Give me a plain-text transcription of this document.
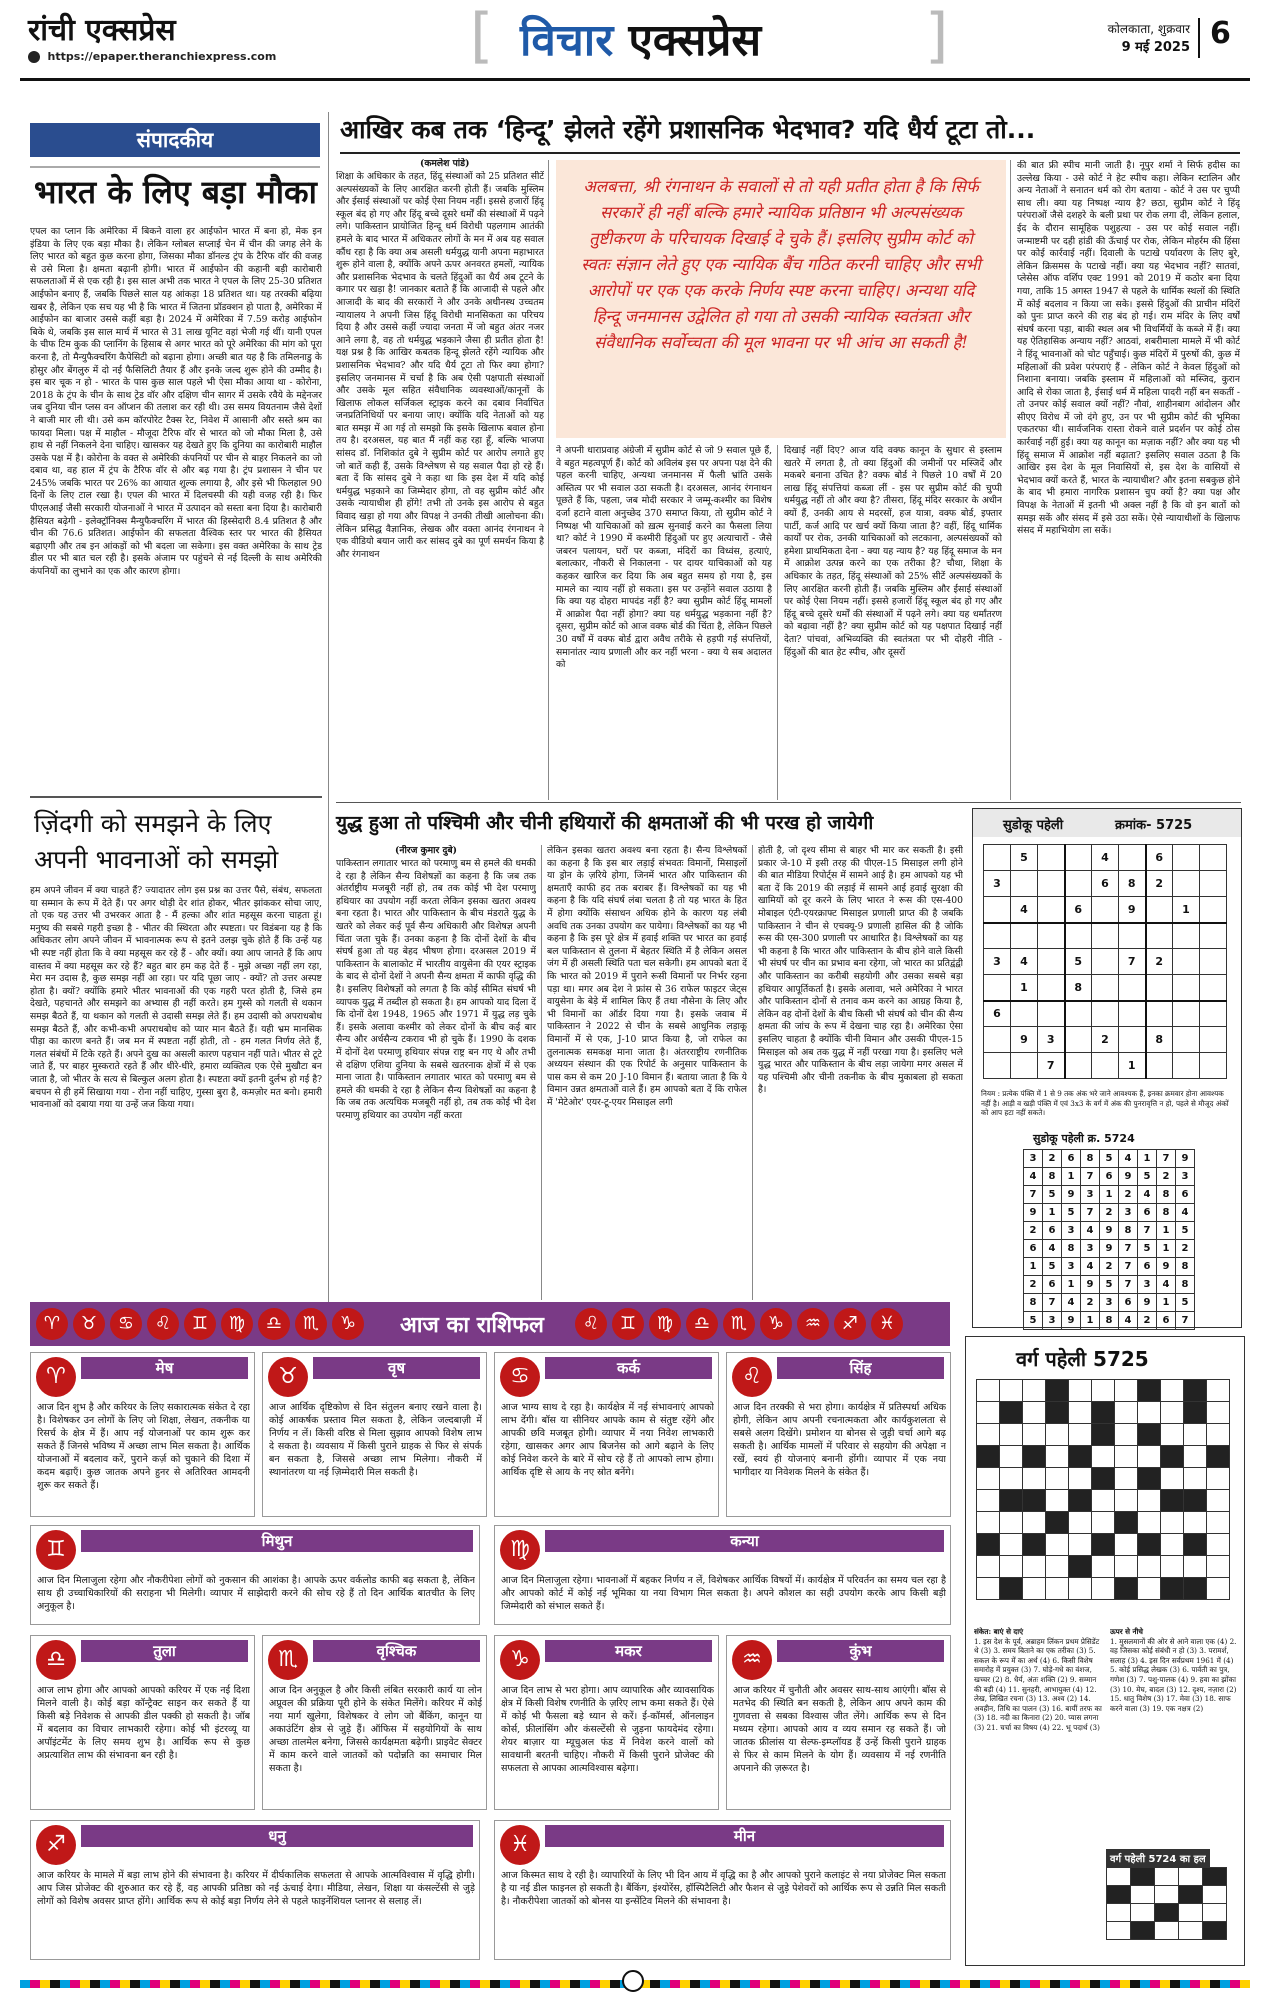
रांची एक्सप्रेस
https://epaper.theranchiexpress.com	[ विचार एक्सप्रेस	]	कोलकाता, शुक्रवार
9 मई 2025 6
संपादकीय
भारत के लिए बड़ा मौका
एपल का प्लान कि अमेरिका में बिकने वाला हर आईफोन भारत में बना हो, मेक इन इंडिया के लिए एक बड़ा मौका है। लेकिन ग्लोबल सप्लाई चेन में चीन की जगह लेने के लिए भारत को बहुत कुछ करना होगा, जिसका मौका डॉनल्ड ट्रंप के टैरिफ वॉर की वजह से उसे मिला है। क्षमता बढ़ानी होगी। भारत में आईफोन की कहानी बड़ी कारोबारी सफलताओं में से एक रही है। इस साल अभी तक भारत ने एपल के लिए 25-30 प्रतिशत आईफोन बनाए हैं, जबकि पिछले साल यह आंकड़ा 18 प्रतिशत था। यह तरक्की बढ़िया खबर है, लेकिन एक सच यह भी है कि भारत में जितना प्रॉडक्शन हो पाता है, अमेरिका में आईफोन का बाजार उससे कहीं बड़ा है। 2024 में अमेरिका में 7.59 करोड़ आईफोन बिके थे, जबकि इस साल मार्च में भारत से 31 लाख यूनिट वहां भेजी गई थीं। यानी एपल के चीफ टिम कुक की प्लानिंग के हिसाब से अगर भारत को पूरे अमेरिका की मांग को पूरा करना है, तो मैन्युफैक्चरिंग कैपेसिटी को बढ़ाना होगा। अच्छी बात यह है कि तमिलनाडु के होसुर और बेंगलुरु में दो नई फैसिलिटी तैयार हैं और इनके जल्द शुरू होने की उम्मीद है। इस बार चूक न हो - भारत के पास कुछ साल पहले भी ऐसा मौका आया था - कोरोना, 2018 के ट्रंप के चीन के साथ ट्रेड वॉर और दक्षिण चीन सागर में उसके रवैये के मद्देनजर जब दुनिया चीन प्लस वन ऑप्शन की तलाश कर रही थी। उस समय वियतनाम जैसे देशों ने बाजी मार ली थी। उसे कम कॉरपोरेट टैक्स रेट, निवेश में आसानी और सस्ते श्रम का फायदा मिला। पक्ष में माहौल - मौजूदा टैरिफ वॉर से भारत को जो मौका मिला है, उसे हाथ से नहीं निकलने देना चाहिए। खासकर यह देखते हुए कि दुनिया का कारोबारी माहौल उसके पक्ष में है। कोरोना के वक्त से अमेरिकी कंपनियों पर चीन से बाहर निकलने का जो दबाव था, वह हाल में ट्रंप के टैरिफ वॉर से और बढ़ गया है। ट्रंप प्रशासन ने चीन पर 245% जबकि भारत पर 26% का आयात शुल्क लगाया है, और इसे भी फिलहाल 90 दिनों के लिए टाल रखा है। एपल की भारत में दिलचस्पी की यही वजह रही है। फिर पीएलआई जैसी सरकारी योजनाओं ने भारत में उत्पादन को सस्ता बना दिया है। कारोबारी हैसियत बढ़ेगी - इलेक्ट्रॉनिक्स मैन्युफैक्चरिंग में भारत की हिस्सेदारी 8.4 प्रतिशत है और चीन की 76.6 प्रतिशत। आईफोन की सफलता वैश्विक स्तर पर भारत की हैसियत बढ़ाएगी और तब इन आंकड़ों को भी बदला जा सकेगा। इस वक्त अमेरिका के साथ ट्रेड डील पर भी बात चल रही है। इसके अंजाम पर पहुंचने से नई दिल्ली के साथ अमेरिकी कंपनियों का लुभाने का एक और कारण होगा।
ज़िंदगी को समझने के लिए अपनी भावनाओं को समझो
हम अपने जीवन में क्या चाहते हैं? ज्यादातर लोग इस प्रश्न का उत्तर पैसे, संबंध, सफलता या सम्मान के रूप में देते हैं। पर अगर थोड़ी देर शांत होकर, भीतर झांककर सोचा जाए, तो एक यह उत्तर भी उभरकर आता है - मैं हल्का और शांत महसूस करना चाहता हूं। मनुष्य की सबसे गहरी इच्छा है - भीतर की स्थिरता और स्पष्टता। पर विडंबना यह है कि अधिकतर लोग अपने जीवन में भावनात्मक रूप से इतने उलझ चुके होते हैं कि उन्हें यह भी स्पष्ट नहीं होता कि वे क्या महसूस कर रहे हैं - और क्यों। क्या आप जानते हैं कि आप वास्तव में क्या महसूस कर रहे हैं? बहुत बार हम कह देते हैं - मुझे अच्छा नहीं लग रहा, मेरा मन उदास है, कुछ समझ नहीं आ रहा। पर यदि पूछा जाए - क्यों? तो उत्तर अस्पष्ट होता है। क्यों? क्योंकि हमारे भीतर भावनाओं की एक गहरी परत होती है, जिसे हम देखते, पहचानते और समझने का अभ्यास ही नहीं करते। हम गुस्से को गलती से थकान समझ बैठते हैं, या थकान को गलती से उदासी समझ लेते हैं। हम उदासी को अपराधबोध समझ बैठते हैं, और कभी-कभी अपराधबोध को प्यार मान बैठते हैं। यही भ्रम मानसिक पीड़ा का कारण बनते हैं। जब मन में स्पष्टता नहीं होती, तो - हम गलत निर्णय लेते हैं, गलत संबंधों में टिके रहते हैं। अपने दुख का असली कारण पहचान नहीं पाते। भीतर से टूटे जाते हैं, पर बाहर मुस्कराते रहते हैं और धीरे-धीरे, हमारा व्यक्तित्व एक ऐसे मुखौटा बन जाता है, जो भीतर के सत्य से बिल्कुल अलग होता है। स्पष्टता क्यों इतनी दुर्लभ हो गई है? बचपन से ही हमें सिखाया गया - रोना नहीं चाहिए, गुस्सा बुरा है, कमज़ोर मत बनो। हमारी भावनाओं को दबाया गया या उन्हें जज किया गया।
आखिर कब तक ‘हिन्दू’ झेलते रहेंगे प्रशासनिक भेदभाव? यदि धैर्य टूटा तो...
(कमलेश पांडे)
शिक्षा के अधिकार के तहत, हिंदू संस्थाओं को 25 प्रतिशत सीटें अल्पसंख्यकों के लिए आरक्षित करनी होती हैं। जबकि मुस्लिम और ईसाई संस्थाओं पर कोई ऐसा नियम नहीं। इससे हजारों हिंदू स्कूल बंद हो गए और हिंदू बच्चे दूसरे धर्मों की संस्थाओं में पढ़ने लगे। पाकिस्तान प्रायोजित हिन्दू धर्म विरोधी पहलगाम आतंकी हमले के बाद भारत में अधिकतर लोगों के मन में अब यह सवाल कौंध रहा है कि क्या अब असली धर्मयुद्ध यानी अपना महाभारत शुरू होने वाला है, क्योंकि अपने ऊपर अनवरत हमलों, न्यायिक और प्रशासनिक भेदभाव के चलते हिंदुओं का धैर्य अब टूटने के कगार पर खड़ा है! जानकार बताते हैं कि आजादी से पहले और आजादी के बाद की सरकारों ने और उनके अधीनस्थ उच्चतम न्यायालय ने अपनी जिस हिंदू विरोधी मानसिकता का परिचय दिया है और उससे कहीं ज्यादा जनता में जो बहुत अंतर नजर आने लगा है, वह तो धर्मयुद्ध भड़काने जैसा ही प्रतीत होता है! यक्ष प्रश्न है कि आखिर कबतक हिन्दू झेलते रहेंगे न्यायिक और प्रशासनिक भेदभाव? और यदि धैर्य टूटा तो फिर क्या होगा? इसलिए जनमानस में चर्चा है कि अब ऐसी पक्षपाती संस्थाओं और उसके मूल सहित संवैधानिक व्यवस्थाओं/कानूनों के खिलाफ लोकल सर्जिकल स्ट्राइक करने का दबाव निर्वाचित जनप्रतिनिधियों पर बनाया जाए। क्योंकि यदि नेताओं को यह बात समझ में आ गई तो समझो कि इसके खिलाफ बवाल होना तय है। दरअसल, यह बात मैं नहीं कह रहा हूँ, बल्कि भाजपा सांसद डॉ. निशिकांत दुबे ने सुप्रीम कोर्ट पर आरोप लगाते हुए जो बातें कही हैं, उसके विश्लेषण से यह सवाल पैदा हो रहे हैं। बता दें कि सांसद दुबे ने कहा था कि इस देश में यदि कोई धर्मयुद्ध भड़काने का जिम्मेदार होगा, तो वह सुप्रीम कोर्ट और उसके न्यायाधीश ही होंगे! तभी तो उनके इस आरोप से बहुत विवाद खड़ा हो गया और विपक्ष ने उनकी तीखी आलोचना की। लेकिन प्रसिद्ध वैज्ञानिक, लेखक और वक्ता आनंद रंगनाथन ने एक वीडियो बयान जारी कर सांसद दुबे का पूर्ण समर्थन किया है और रंगनाथन
अलबत्ता, श्री रंगनाथन के सवालों से तो यही प्रतीत होता है कि सिर्फ सरकारें ही नहीं बल्कि हमारे न्यायिक प्रतिष्ठान भी अल्पसंख्यक तुष्टीकरण के परिचायक दिखाई दे चुके हैं। इसलिए सुप्रीम कोर्ट को स्वतः संज्ञान लेते हुए एक न्यायिक बैंच गठित करनी चाहिए और सभी आरोपों पर एक एक करके निर्णय स्पष्ट करना चाहिए। अन्यथा यदि हिन्दू जनमानस उद्वेलित हो गया तो उसकी न्यायिक स्वतंत्रता और संवैधानिक सर्वोच्चता की मूल भावना पर भी आंच आ सकती है!
ने अपनी धाराप्रवाह अंग्रेजी में सुप्रीम कोर्ट से जो 9 सवाल पूछे हैं, वे बहुत महत्वपूर्ण हैं। कोर्ट को अविलंब इस पर अपना पक्ष देने की पहल करनी चाहिए, अन्यथा जनमानस में फैली भ्रांति उसके अस्तित्व पर भी सवाल उठा सकती है। दरअसल, आनंद रंगनाथन पूछते हैं कि, पहला, जब मोदी सरकार ने जम्मू-कश्मीर का विशेष दर्जा हटाने वाला अनुच्छेद 370 समाप्त किया, तो सुप्रीम कोर्ट ने निष्पक्ष भी याचिकाओं को ख़त्म सुनवाई करने का फैसला लिया था? कोर्ट ने 1990 में कश्मीरी हिंदुओं पर हुए अत्याचारों - जैसे जबरन पलायन, घरों पर कब्जा, मंदिरों का विध्वंस, हत्याएं, बलात्कार, नौकरी से निकालना - पर दायर याचिकाओं को यह कहकर खारिज कर दिया कि अब बहुत समय हो गया है, इस मामले का न्याय नहीं हो सकता। इस पर उन्होंने सवाल उठाया है कि क्या यह दोहरा मापदंड नहीं है? क्या सुप्रीम कोर्ट हिंदू मामलों में आक्रोश पैदा नहीं होगा? क्या यह धर्मयुद्ध भड़काना नहीं है? दूसरा, सुप्रीम कोर्ट को आज वक्फ बोर्ड की चिंता है, लेकिन पिछले 30 वर्षों में वक्फ बोर्ड द्वारा अवैध तरीके से हड़पी गई संपत्तियों, समानांतर न्याय प्रणाली और कर नहीं भरना - क्या ये सब अदालत को
दिखाई नहीं दिए? आज यदि वक्फ कानून के सुधार से इस्लाम खतरे में लगता है, तो क्या हिंदुओं की जमीनों पर मस्जिदें और मकबरे बनाना उचित है? वक्फ बोर्ड ने पिछले 10 वर्षों में 20 लाख हिंदू संपत्तियां कब्जा लीं - इस पर सुप्रीम कोर्ट की चुप्पी धर्मयुद्ध नहीं तो और क्या है? तीसरा, हिंदू मंदिर सरकार के अधीन क्यों हैं, उनकी आय से मदरसों, हज यात्रा, वक्फ बोर्ड, इफ्तार पार्टी, कर्ज आदि पर खर्च क्यों किया जाता है? वहीं, हिंदू धार्मिक कार्यों पर रोक, उनकी याचिकाओं को लटकाना, अल्पसंख्यकों को हमेशा प्राथमिकता देना - क्या यह न्याय है? यह हिंदू समाज के मन में आक्रोश उत्पन्न करने का एक तरीका है? चौथा, शिक्षा के अधिकार के तहत, हिंदू संस्थाओं को 25% सीटें अल्पसंख्यकों के लिए आरक्षित करनी होती हैं। जबकि मुस्लिम और ईसाई संस्थाओं पर कोई ऐसा नियम नहीं। इससे हजारों हिंदू स्कूल बंद हो गए और हिंदू बच्चे दूसरे धर्मों की संस्थाओं में पढ़ने लगे। क्या यह धर्मांतरण को बढ़ावा नहीं है? क्या सुप्रीम कोर्ट को यह पक्षपात दिखाई नहीं देता? पांचवां, अभिव्यक्ति की स्वतंत्रता पर भी दोहरी नीति - हिंदुओं की बात हेट स्पीच, और दूसरों
की बात फ्री स्पीच मानी जाती है। नूपुर शर्मा ने सिर्फ हदीस का उल्लेख किया - उसे कोर्ट ने हेट स्पीच कहा। लेकिन स्टालिन और अन्य नेताओं ने सनातन धर्म को रोग बताया - कोर्ट ने उस पर चुप्पी साध ली। क्या यह निष्पक्ष न्याय है? छठा, सुप्रीम कोर्ट ने हिंदू परंपराओं जैसे दशहरे के बली प्रथा पर रोक लगा दी, लेकिन हलाल, ईद के दौरान सामूहिक पशुहत्या - उस पर कोई सवाल नहीं। जन्माष्टमी पर दही हांडी की ऊँचाई पर रोक, लेकिन मोहर्रम की हिंसा पर कोई कार्रवाई नहीं। दिवाली के पटाखे पर्यावरण के लिए बुरे, लेकिन क्रिसमस के पटाखे नहीं। क्या यह भेदभाव नहीं? सातवां, प्लेसेस ऑफ वर्शिप एक्ट 1991 को 2019 में कठोर बना दिया गया, ताकि 15 अगस्त 1947 से पहले के धार्मिक स्थलों की स्थिति में कोई बदलाव न किया जा सके। इससे हिंदुओं की प्राचीन मंदिरों को पुनः प्राप्त करने की राह बंद हो गई। राम मंदिर के लिए वर्षों संघर्ष करना पड़ा, बाकी स्थल अब भी विधर्मियों के कब्जे में हैं। क्या यह ऐतिहासिक अन्याय नहीं? आठवां, शबरीमाला मामले में भी कोर्ट ने हिंदू भावनाओं को चोट पहुँचाई। कुछ मंदिरों में पुरुषों की, कुछ में महिलाओं की प्रवेश परंपराएं हैं - लेकिन कोर्ट ने केवल हिंदुओं को निशाना बनाया। जबकि इस्लाम में महिलाओं को मस्जिद, कुरान आदि से रोका जाता है, ईसाई धर्म में महिला पादरी नहीं बन सकतीं - तो उनपर कोई सवाल क्यों नहीं? नौवां, शाहीनबाग आंदोलन और सीएए विरोध में जो दंगे हुए, उन पर भी सुप्रीम कोर्ट की भूमिका एकतरफा थी। सार्वजनिक रास्ता रोकने वाले प्रदर्शन पर कोई ठोस कार्रवाई नहीं हुई। क्या यह कानून का मज़ाक नहीं? और क्या यह भी हिंदू समाज में आक्रोश नहीं बढ़ाता? इसलिए सवाल उठता है कि आखिर इस देश के मूल निवासियों से, इस देश के वासियों से भेदभाव क्यों करते हैं, भारत के न्यायाधीश? और इतना सबकुछ होने के बाद भी हमारा नागरिक प्रशासन चुप क्यों है? क्या पक्ष और विपक्ष के नेताओं में इतनी भी अक्ल नहीं है कि वो इन बातों को समझ सकें और संसद में इसे उठा सकें। ऐसे न्यायाधीशों के खिलाफ संसद में महाभियोग ला सकें।
युद्ध हुआ तो पश्चिमी और चीनी हथियारों की क्षमताओं की भी परख हो जायेगी
(नीरज कुमार दुबे)
पाकिस्तान लगातार भारत को परमाणु बम से हमले की धमकी दे रहा है लेकिन सैन्य विशेषज्ञों का कहना है कि जब तक अंतर्राष्ट्रीय मजबूरी नहीं हो, तब तक कोई भी देश परमाणु हथियार का उपयोग नहीं करता लेकिन इसका खतरा अवश्य बना रहता है। भारत और पाकिस्तान के बीच मंडराते युद्ध के खतरे को लेकर कई पूर्व सैन्य अधिकारी और विशेषज्ञ अपनी चिंता जता चुके हैं। उनका कहना है कि दोनों देशों के बीच संघर्ष हुआ तो यह बेहद भीषण होगा। दरअसल 2019 में पाकिस्तान के बालाकोट में भारतीय वायुसेना की एयर स्ट्राइक के बाद से दोनों देशों ने अपनी सैन्य क्षमता में काफी वृद्धि की है। इसलिए विशेषज्ञों को लगता है कि कोई सीमित संघर्ष भी व्यापक युद्ध में तब्दील हो सकता है। हम आपको याद दिला दें कि दोनों देश 1948, 1965 और 1971 में युद्ध लड़ चुके हैं। इसके अलावा कश्मीर को लेकर दोनों के बीच कई बार सैन्य और अर्धसैन्य टकराव भी हो चुके हैं। 1990 के दशक में दोनों देश परमाणु हथियार संपन्न राष्ट्र बन गए थे और तभी से दक्षिण एशिया दुनिया के सबसे खतरनाक क्षेत्रों में से एक माना जाता है। पाकिस्तान लगातार भारत को परमाणु बम से हमले की धमकी दे रहा है लेकिन सैन्य विशेषज्ञों का कहना है कि जब तक अत्यधिक मजबूरी नहीं हो, तब तक कोई भी देश परमाणु हथियार का उपयोग नहीं करता
लेकिन इसका खतरा अवश्य बना रहता है। सैन्य विश्लेषकों का कहना है कि इस बार लड़ाई संभवतः विमानों, मिसाइलों या ड्रोन के ज़रिये होगा, जिनमें भारत और पाकिस्तान की क्षमताएँ काफी हद तक बराबर हैं। विश्लेषकों का यह भी कहना है कि यदि संघर्ष लंबा चलता है तो यह भारत के हित में होगा क्योंकि संसाधन अधिक होने के कारण यह लंबी अवधि तक उनका उपयोग कर पायेगा। विश्लेषकों का यह भी कहना है कि इस पूरे क्षेत्र में हवाई शक्ति पर भारत का हवाई बल पाकिस्तान से तुलना में बेहतर स्थिति में है लेकिन असल जंग में ही असली स्थिति पता चल सकेगी। हम आपको बता दें कि भारत को 2019 में पुराने रूसी विमानों पर निर्भर रहना पड़ा था। मगर अब देश ने फ्रांस से 36 राफेल फाइटर जेट्स वायुसेना के बेड़े में शामिल किए हैं तथा नौसेना के लिए और भी विमानों का ऑर्डर दिया गया है। इसके जवाब में पाकिस्तान ने 2022 से चीन के सबसे आधुनिक लड़ाकू विमानों में से एक, J-10 प्राप्त किया है, जो राफेल का तुलनात्मक समकक्ष माना जाता है। अंतरराष्ट्रीय रणनीतिक अध्ययन संस्थान की एक रिपोर्ट के अनुसार पाकिस्तान के पास कम से कम 20 J-10 विमान हैं। बताया जाता है कि ये विमान उन्नत क्षमताओं वाले हैं। हम आपको बता दें कि राफेल में 'मेटेओर' एयर-टू-एयर मिसाइल लगी
होती है, जो दृश्य सीमा से बाहर भी मार कर सकती है। इसी प्रकार जे-10 में इसी तरह की पीएल-15 मिसाइल लगी होने की बात मीडिया रिपोर्ट्स में सामने आई है। हम आपको यह भी बता दें कि 2019 की लड़ाई में सामने आई हवाई सुरक्षा की खामियों को दूर करने के लिए भारत ने रूस की एस-400 मोबाइल एंटी-एयरक्राफ्ट मिसाइल प्रणाली प्राप्त की है जबकि पाकिस्तान ने चीन से एचक्यू-9 प्रणाली हासिल की है जोकि रूस की एस-300 प्रणाली पर आधारित है। विश्लेषकों का यह भी कहना है कि भारत और पाकिस्तान के बीच होने वाले किसी भी संघर्ष पर चीन का प्रभाव बना रहेगा, जो भारत का प्रतिद्वंद्वी और पाकिस्तान का करीबी सहयोगी और उसका सबसे बड़ा हथियार आपूर्तिकर्ता है। इसके अलावा, भले अमेरिका ने भारत और पाकिस्तान दोनों से तनाव कम करने का आग्रह किया है, लेकिन वह दोनों देशों के बीच किसी भी संघर्ष को चीन की सैन्य क्षमता की जांच के रूप में देखना चाह रहा है। अमेरिका ऐसा इसलिए चाहता है क्योंकि चीनी विमान और उसकी पीएल-15 मिसाइल को अब तक युद्ध में नहीं परखा गया है। इसलिए भले युद्ध भारत और पाकिस्तान के बीच लड़ा जायेगा मगर असल में यह पश्चिमी और चीनी तकनीक के बीच मुकाबला हो सकता है।
सुडोकू पहेली	क्रमांक- 5725
	5			4		6		
3				6	8	2		
	4		6		9		1	

3	4		5		7	2		
	1		8					
6								
	9	3		2		8		
		7			1			
नियम : प्रत्येक पंक्ति में 1 से 9 तक अंक भरे जाने आवश्यक हैं, इनका क्रमवार होना आवश्यक नहीं है। आड़ी व खड़ी पंक्ति में एवं 3x3 के वर्ग में अंक की पुनरावृत्ति न हो, पहले से मौजूद अंकों को आप हटा नहीं सकते।
सुडोकू पहेली क्र. 5724
3	2	6	8	5	4	1	7	9
4	8	1	7	6	9	5	2	3
7	5	9	3	1	2	4	8	6
9	1	5	7	2	3	6	8	4
2	6	3	4	9	8	7	1	5
6	4	8	3	9	7	5	1	2
1	5	3	4	2	7	6	9	8
2	6	1	9	5	7	3	4	8
8	7	4	2	3	6	9	1	5
5	3	9	1	8	4	2	6	7
♈ ♉ ♋ ♌ ♊ ♍ ♎ ♏ ♑	आज का राशिफल	♌ ♊ ♍ ♎ ♏ ♑ ♒ ♐ ♓
मेष
♈
आज दिन शुभ है और करियर के लिए सकारात्मक संकेत दे रहा है। विशेषकर उन लोगों के लिए जो शिक्षा, लेखन, तकनीक या रिसर्च के क्षेत्र में हैं। आप नई योजनाओं पर काम शुरू कर सकते हैं जिनसे भविष्य में अच्छा लाभ मिल सकता है। आर्थिक योजनाओं में बदलाव करें, पुराने कर्ज़ को चुकाने की दिशा में कदम बढ़ाएँ। कुछ जातक अपने हुनर से अतिरिक्त आमदनी शुरू कर सकते हैं।
वृष
♉
आज आर्थिक दृष्टिकोण से दिन संतुलन बनाए रखने वाला है। कोई आकर्षक प्रस्ताव मिल सकता है, लेकिन जल्दबाज़ी में निर्णय न लें। किसी वरिष्ठ से मिला सुझाव आपको विशेष लाभ दे सकता है। व्यवसाय में किसी पुराने ग्राहक से फिर से संपर्क बन सकता है, जिससे अच्छा लाभ मिलेगा। नौकरी में स्थानांतरण या नई ज़िम्मेदारी मिल सकती है।
कर्क
♋
आज भाग्य साथ दे रहा है। कार्यक्षेत्र में नई संभावनाएं आपको लाभ देंगी। बॉस या सीनियर आपके काम से संतुष्ट रहेंगे और आपकी छवि मजबूत होगी। व्यापार में नया निवेश लाभकारी रहेगा, खासकर अगर आप बिजनेस को आगे बढ़ाने के लिए कोई निवेश करने के बारे में सोच रहे हैं तो आपको लाभ होगा। आर्थिक दृष्टि से आय के नए स्रोत बनेंगे।
सिंह
♌
आज दिन तरक्की से भरा होगा। कार्यक्षेत्र में प्रतिस्पर्धा अधिक होगी, लेकिन आप अपनी रचनात्मकता और कार्यकुशलता से सबसे अलग दिखेंगे। प्रमोशन या बोनस से जुड़ी चर्चा आगे बढ़ सकती है। आर्थिक मामलों में परिवार से सहयोग की अपेक्षा न रखें, स्वयं ही योजनाएं बनानी होंगी। व्यापार में एक नया भागीदार या निवेशक मिलने के संकेत हैं।
मिथुन
♊
आज दिन मिलाजुला रहेगा और नौकरीपेशा लोगों को नुकसान की आशंका है। आपके ऊपर वर्कलोड काफी बढ़ सकता है, लेकिन साथ ही उच्चाधिकारियों की सराहना भी मिलेगी। व्यापार में साझेदारी करने की सोच रहे हैं तो दिन आर्थिक बातचीत के लिए अनुकूल है।
कन्या
♍
आज दिन मिलाजुला रहेगा। भावनाओं में बहकर निर्णय न लें, विशेषकर आर्थिक विषयों में। कार्यक्षेत्र में परिवर्तन का समय चल रहा है और आपको कोर्ट में कोई नई भूमिका या नया विभाग मिल सकता है। अपने कौशल का सही उपयोग करके आप किसी बड़ी जिम्मेदारी को संभाल सकते हैं।
तुला
♎
आज लाभ होगा और आपको आपको करियर में एक नई दिशा मिलने वाली है। कोई बड़ा कॉन्ट्रैक्ट साइन कर सकते हैं या किसी बड़े निवेशक से आपकी डील पक्की हो सकती है। जॉब में बदलाव का विचार लाभकारी रहेगा। कोई भी इंटरव्यू या अपॉइंटमेंट के लिए समय शुभ है। आर्थिक रूप से कुछ अप्रत्याशित लाभ की संभावना बन रही है।
वृश्चिक
♏
आज दिन अनुकूल है और किसी लंबित सरकारी कार्य या लोन अप्रूवल की प्रक्रिया पूरी होने के संकेत मिलेंगे। करियर में कोई नया मार्ग खुलेगा, विशेषकर वे लोग जो बैंकिंग, कानून या अकाउंटिंग क्षेत्र से जुड़े हैं। ऑफिस में सहयोगियों के साथ अच्छा तालमेल बनेगा, जिससे कार्यक्षमता बढ़ेगी। प्राइवेट सेक्टर में काम करने वाले जातकों को पदोन्नति का समाचार मिल सकता है।
मकर
♑
आज दिन लाभ से भरा होगा। आप व्यापारिक और व्यावसायिक क्षेत्र में किसी विशेष रणनीति के ज़रिए लाभ कमा सकते हैं। ऐसे में कोई भी फैसला बड़े ध्यान से करें। ई-कॉमर्स, ऑनलाइन कोर्स, फ्रीलांसिंग और कंसल्टेंसी से जुड़ना फायदेमंद रहेगा। शेयर बाज़ार या म्यूचुअल फंड में निवेश करने वालों को सावधानी बरतनी चाहिए। नौकरी में किसी पुराने प्रोजेक्ट की सफलता से आपका आत्मविश्वास बढ़ेगा।
कुंभ
♒
आज करियर में चुनौती और अवसर साथ-साथ आएंगी। बॉस से मतभेद की स्थिति बन सकती है, लेकिन आप अपने काम की गुणवत्ता से सबका विश्वास जीत लेंगे। आर्थिक रूप से दिन मध्यम रहेगा। आपको आय व व्यय समान रह सकते हैं। जो जातक फ्रीलांस या सेल्फ-इम्प्लॉयड हैं उन्हें किसी पुराने ग्राहक से फिर से काम मिलने के योग हैं। व्यवसाय में नई रणनीति अपनाने की ज़रूरत है।
धनु
♐
आज करियर के मामले में बड़ा लाभ होने की संभावना है। करियर में दीर्घकालिक सफलता से आपके आत्मविश्वास में वृद्धि होगी। आप जिस प्रोजेक्ट की शुरुआत कर रहे हैं, वह आपकी प्रतिष्ठा को नई ऊंचाई देगा। मीडिया, लेखन, शिक्षा या कंसल्टेंसी से जुड़े लोगों को विशेष अवसर प्राप्त होंगे। आर्थिक रूप से कोई बड़ा निर्णय लेने से पहले फाइनेंशियल प्लानर से सलाह लें।
मीन
♓
आज किस्मत साथ दे रही है। व्यापारियों के लिए भी दिन आय में वृद्धि का है और आपको पुराने कलाइंट से नया प्रोजेक्ट मिल सकता है या नई डील फाइनल हो सकती है। बैंकिंग, इंश्योरेंस, हॉस्पिटैलिटी और फैशन से जुड़े पेशेवरों को आर्थिक रूप से उन्नति मिल सकती है। नौकरीपेशा जातकों को बोनस या इन्सेंटिव मिलने की संभावना है।
वर्ग पहेली 5725

संकेत: बाएं से दाएं
1. इस देश के पूर्व, अब्राहम लिंकन प्रथम प्रेसिडेंट थे (3) 3. समय बिताने का एक तरीका (3) 5. सकल के रूप में का अर्थ (4) 6. किसी विशेष समारोह में प्रयुक्त (3) 7. घोड़े-गधे का वंशज, खच्चर (2) 8. धैर्य, अंतः शक्ति (2) 9. सम्मान की बड़ी (4) 11. सुनहरी, आभायुक्त (4) 12. लेख, लिखित रचना (3) 13. अश्व (2) 14. अवहीन, तिथि का पालन (3) 16. बायीं तरफ का (3) 18. नदी का किनारा (2) 20. प्यास लगना (3) 21. चर्चा का विषय (4) 22. भू पदार्थ (3)
ऊपर से नीचे
1. मुसलमानों की ओर से आने वाला एक (4) 2. वह जिसका कोई संबंधी न हो (3) 3. परामर्श, सलाह (3) 4. इस दिन सर्वप्रथम 1961 में (4) 5. कोई प्रसिद्ध लेखक (3) 6. पार्वती का पुत्र, गणेश (3) 7. पशु-पालक (4) 9. हवा का झोंका (3) 10. मेघ, बादल (3) 12. दृश्य, नज़ारा (2) 15. धातु विशेष (3) 17. मेवा (3) 18. साफ करने वाला (3) 19. एक नक्षत्र (2)
वर्ग पहेली 5724 का हल
